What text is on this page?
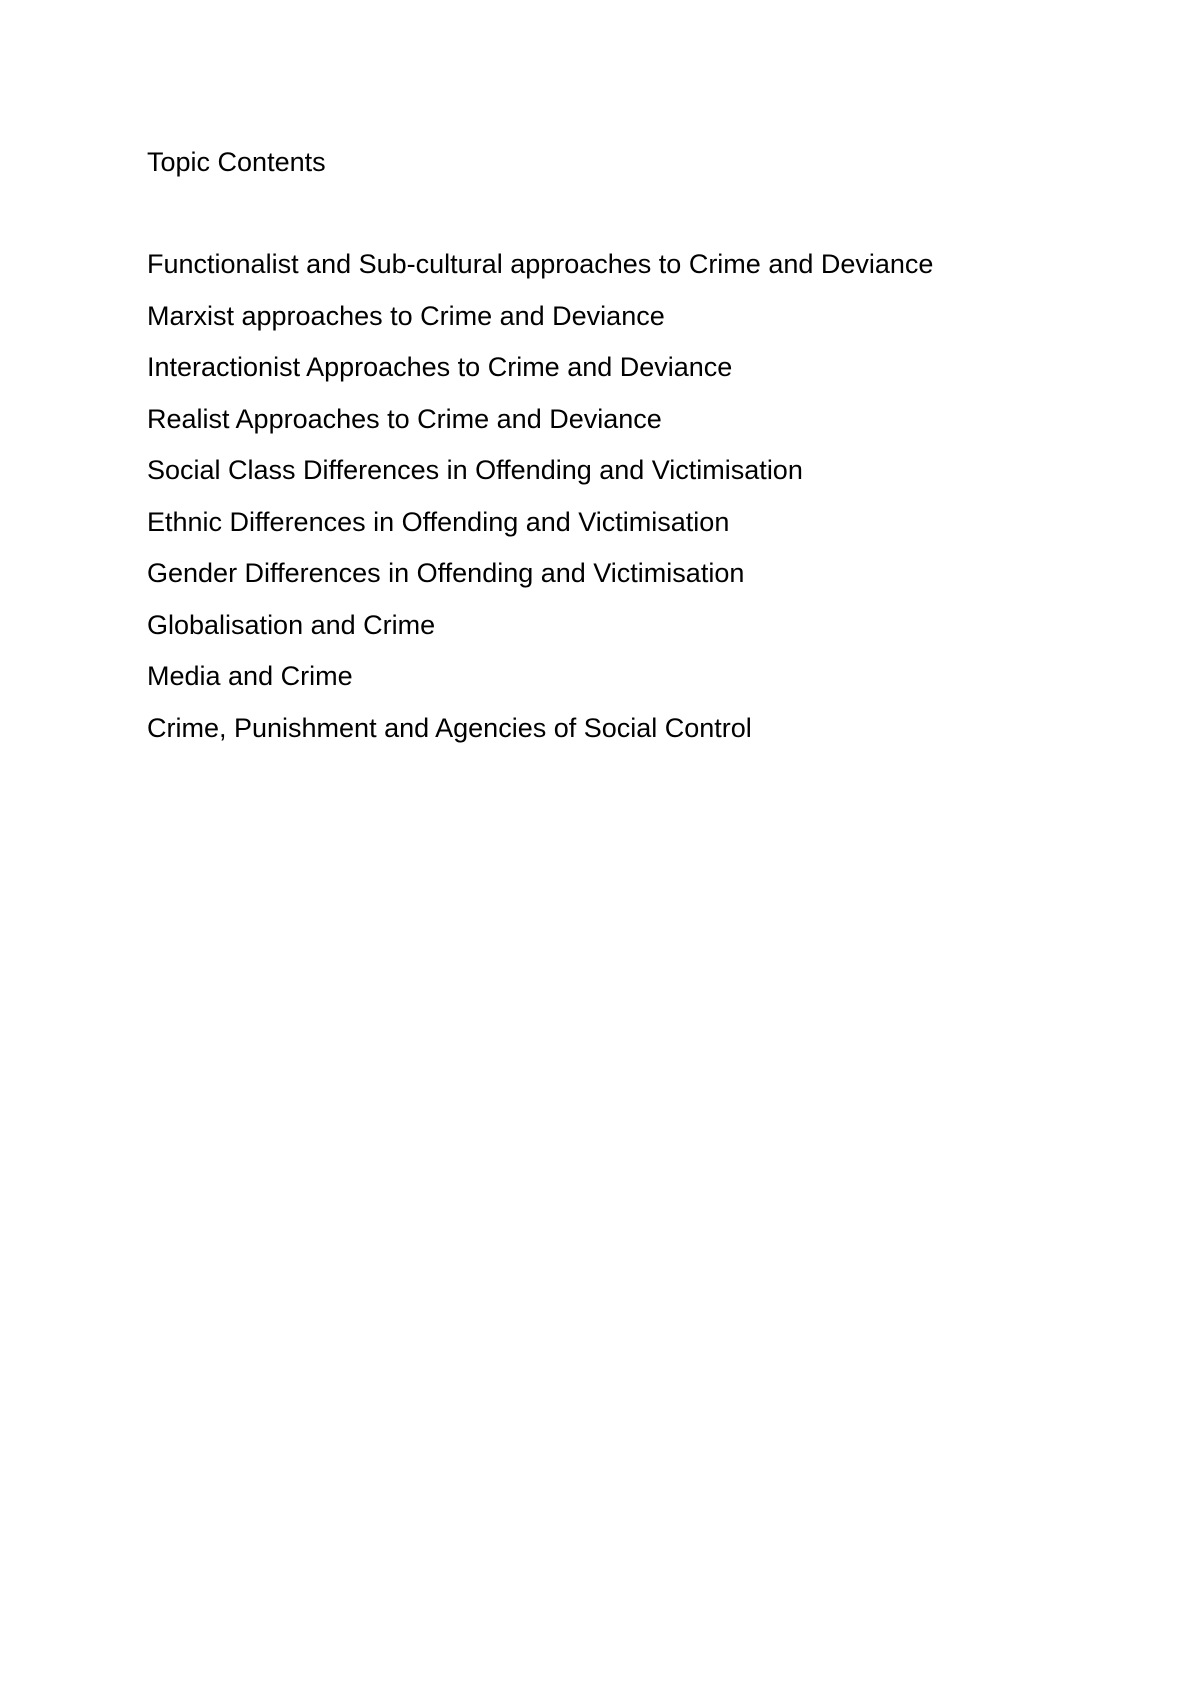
Topic Contents
Functionalist and Sub-cultural approaches to Crime and Deviance
Marxist approaches to Crime and Deviance
Interactionist Approaches to Crime and Deviance
Realist Approaches to Crime and Deviance
Social Class Differences in Offending and Victimisation
Ethnic Differences in Offending and Victimisation
Gender Differences in Offending and Victimisation
Globalisation and Crime
Media and Crime
Crime, Punishment and Agencies of Social Control
